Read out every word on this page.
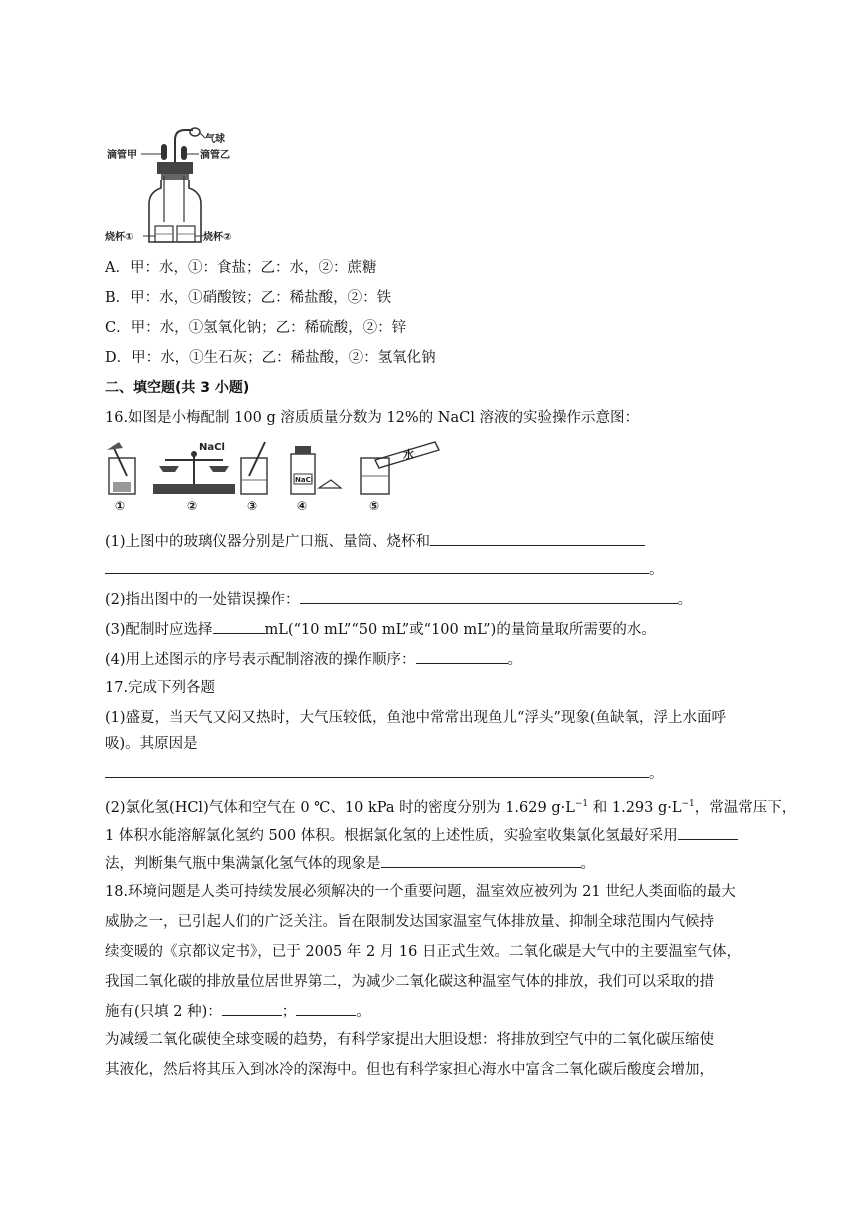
气球
滴管甲	滴管乙
烧杯①	烧杯②
A．甲：水，①：食盐；乙：水，②：蔗糖
B．甲：水，①硝酸铵；乙：稀盐酸，②：铁
C．甲：水，①氢氧化钠；乙：稀硫酸，②：锌
D．甲：水，①生石灰；乙：稀盐酸，②：氢氧化钠
二、填空题(共 3 小题)
16.如图是小梅配制 100 g 溶质质量分数为 12%的 NaCl 溶液的实验操作示意图：
NaCl
NaCl
水
①	②	③	④	⑤
(1)上图中的玻璃仪器分别是广口瓶、量筒、烧杯和
。
(2)指出图中的一处错误操作：	。
(3)配制时应选择	mL(“10 mL”“50 mL”或“100 mL”)的量筒量取所需要的水。
(4)用上述图示的序号表示配制溶液的操作顺序：	。
17.完成下列各题
(1)盛夏，当天气又闷又热时，大气压较低，鱼池中常常出现鱼儿“浮头”现象(鱼缺氧，浮上水面呼
吸)。其原因是
。
(2)氯化氢(HCl)气体和空气在 0 ℃、10 kPa 时的密度分别为 1.629 $g\cdot L^{-1}$ 和 1.293 $g\cdot L^{-1}$，常温常压下，
1 体积水能溶解氯化氢约 500 体积。根据氯化氢的上述性质，实验室收集氯化氢最好采用
法，判断集气瓶中集满氯化氢气体的现象是	。
18.环境问题是人类可持续发展必须解决的一个重要问题，温室效应被列为 21 世纪人类面临的最大
威胁之一，已引起人们的广泛关注。旨在限制发达国家温室气体排放量、抑制全球范围内气候持
续变暖的《京都议定书》，已于 2005 年 2 月 16 日正式生效。二氧化碳是大气中的主要温室气体，
我国二氧化碳的排放量位居世界第二，为减少二氧化碳这种温室气体的排放，我们可以采取的措
施有(只填 2 种)：	；	。
为减缓二氧化碳使全球变暖的趋势，有科学家提出大胆设想：将排放到空气中的二氧化碳压缩使
其液化，然后将其压入到冰冷的深海中。但也有科学家担心海水中富含二氧化碳后酸度会增加，
